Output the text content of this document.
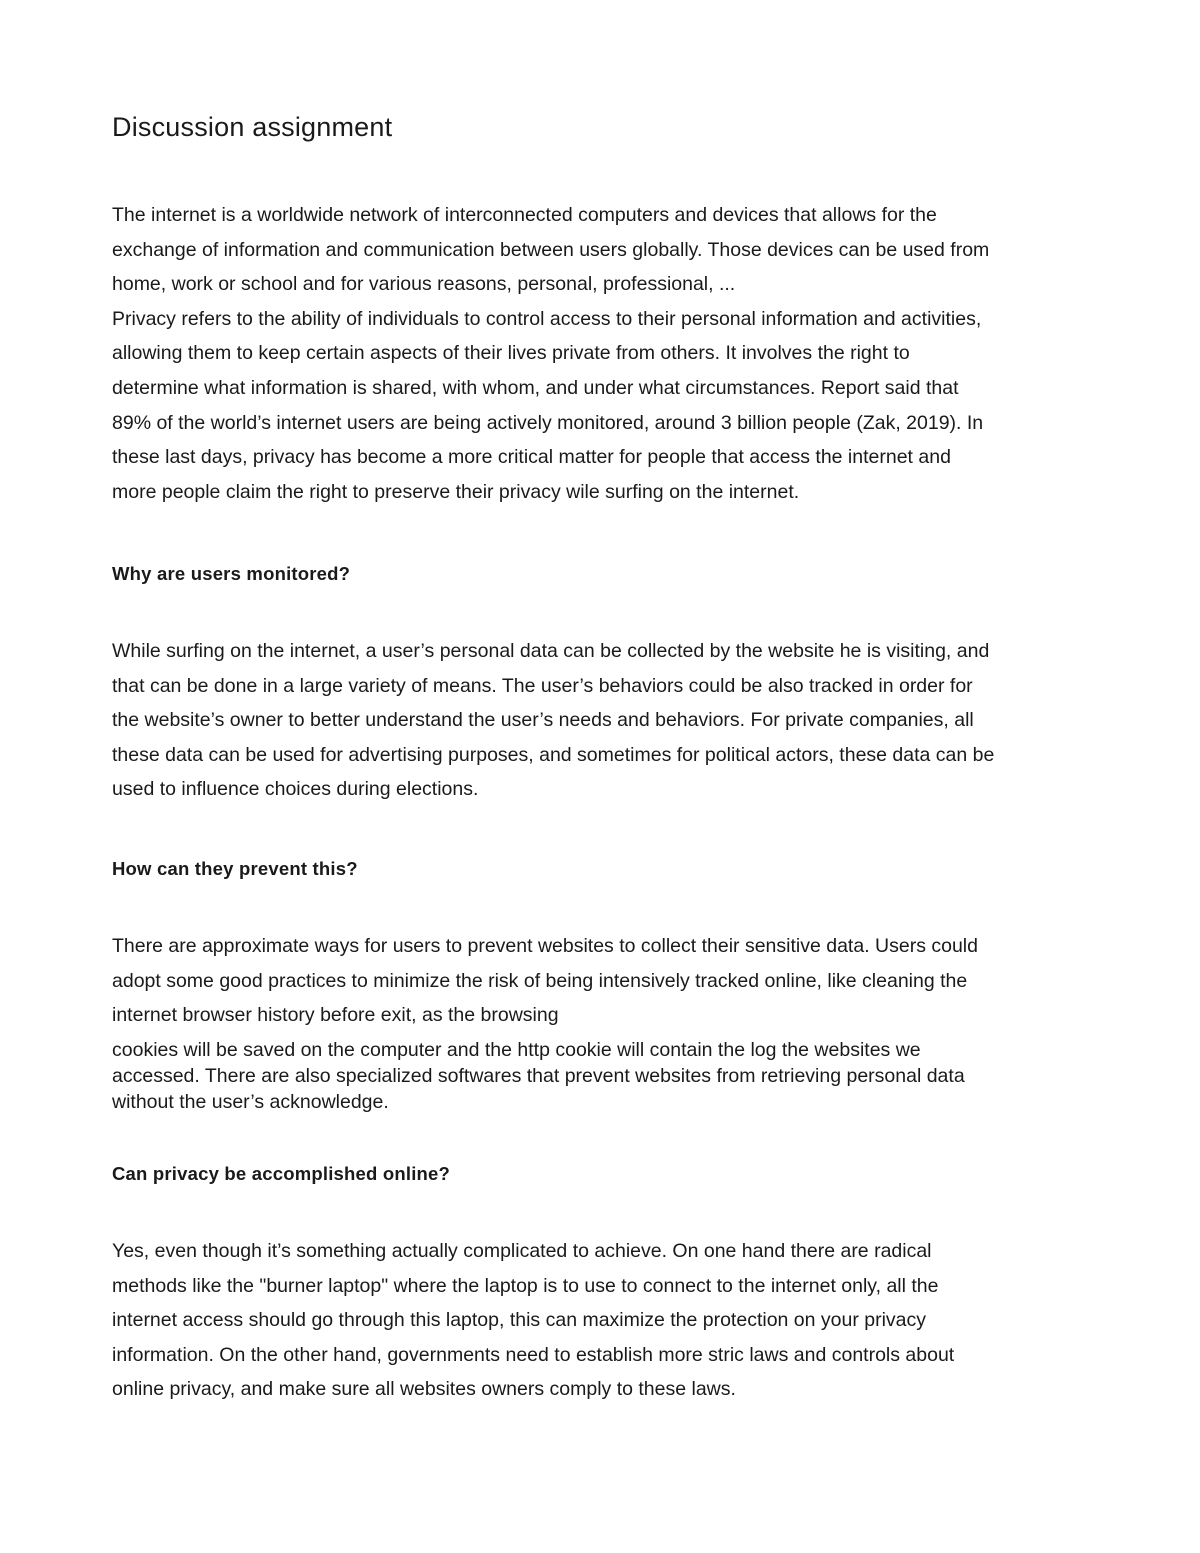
Discussion assignment

The internet is a worldwide network of interconnected computers and devices that allows for the
exchange of information and communication between users globally. Those devices can be used from
home, work or school and for various reasons, personal, professional, ...
Privacy refers to the ability of individuals to control access to their personal information and activities,
allowing them to keep certain aspects of their lives private from others. It involves the right to
determine what information is shared, with whom, and under what circumstances. Report said that
89% of the world’s internet users are being actively monitored, around 3 billion people (Zak, 2019). In
these last days, privacy has become a more critical matter for people that access the internet and
more people claim the right to preserve their privacy wile surfing on the internet.

Why are users monitored?

While surfing on the internet, a user’s personal data can be collected by the website he is visiting, and
that can be done in a large variety of means. The user’s behaviors could be also tracked in order for
the website’s owner to better understand the user’s needs and behaviors. For private companies, all
these data can be used for advertising purposes, and sometimes for political actors, these data can be
used to influence choices during elections.

How can they prevent this?

There are approximate ways for users to prevent websites to collect their sensitive data. Users could
adopt some good practices to minimize the risk of being intensively tracked online, like cleaning the
internet browser history before exit, as the browsing

cookies will be saved on the computer and the http cookie will contain the log the websites we
accessed. There are also specialized softwares that prevent websites from retrieving personal data
without the user’s acknowledge.

Can privacy be accomplished online?

Yes, even though it’s something actually complicated to achieve. On one hand there are radical
methods like the "burner laptop" where the laptop is to use to connect to the internet only, all the
internet access should go through this laptop, this can maximize the protection on your privacy
information. On the other hand, governments need to establish more stric laws and controls about
online privacy, and make sure all websites owners comply to these laws.
